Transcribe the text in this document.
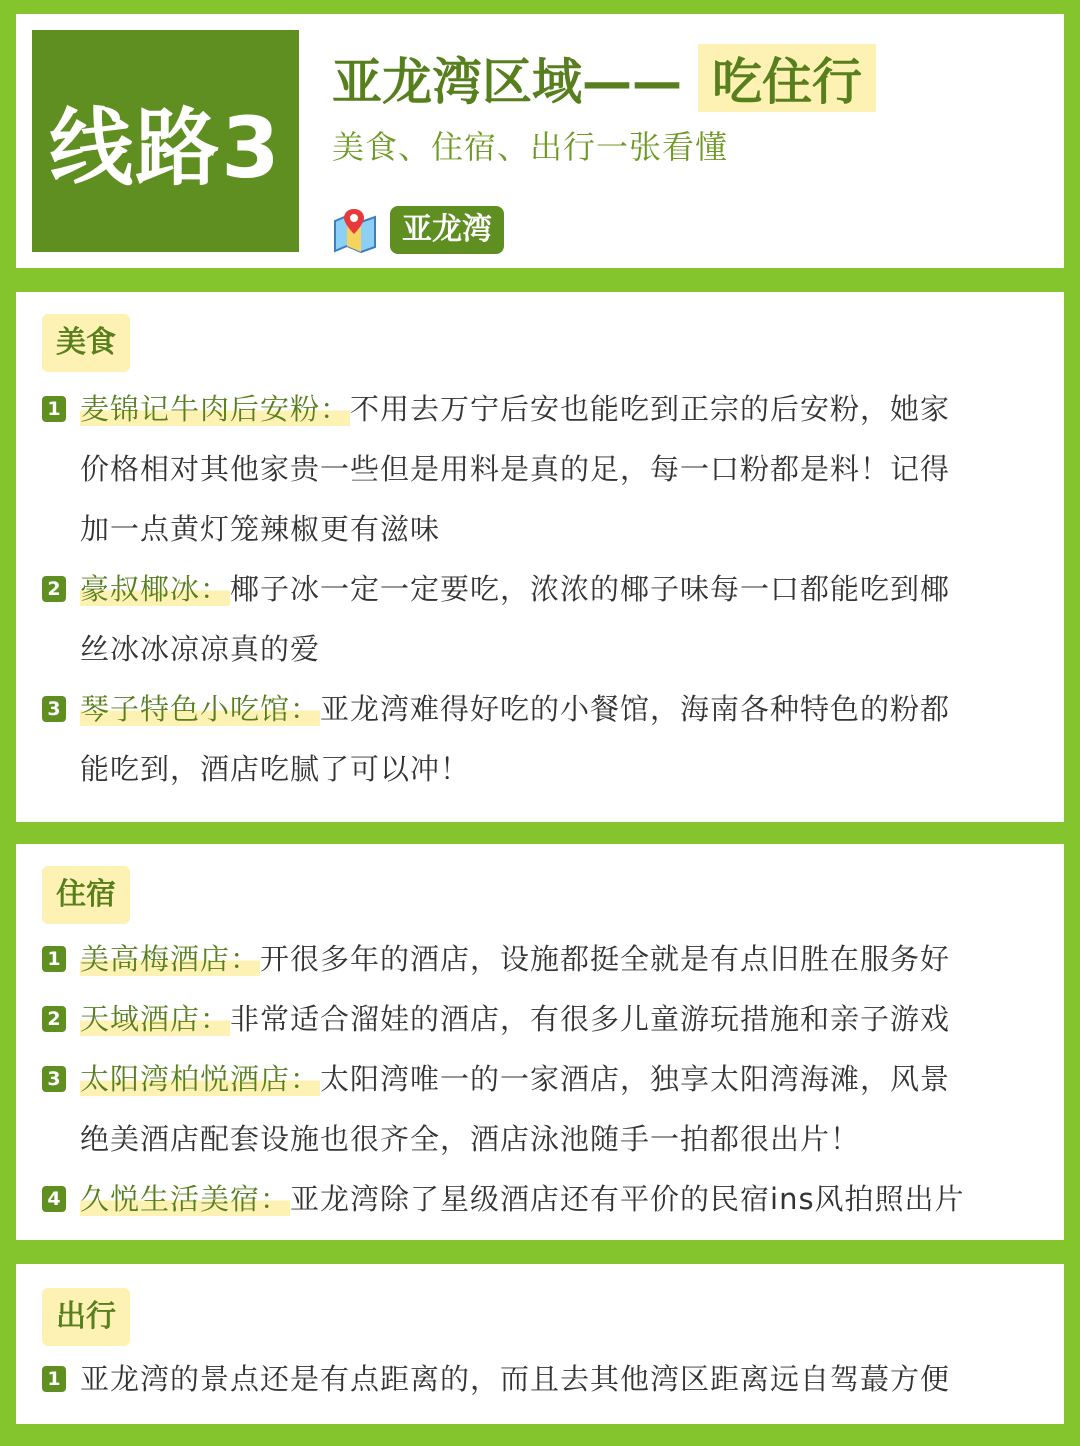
线路3
亚龙湾区域—— 吃住行
美食、住宿、出行一张看懂
亚龙湾
美食
1 麦锦记牛肉后安粉：不用去万宁后安也能吃到正宗的后安粉，她家
价格相对其他家贵一些但是用料是真的足，每一口粉都是料！记得
加一点黄灯笼辣椒更有滋味
2 豪叔椰冰：椰子冰一定一定要吃，浓浓的椰子味每一口都能吃到椰
丝冰冰凉凉真的爱
3 琴子特色小吃馆：亚龙湾难得好吃的小餐馆，海南各种特色的粉都
能吃到，酒店吃腻了可以冲！
住宿
1 美高梅酒店：开很多年的酒店，设施都挺全就是有点旧胜在服务好
2 天域酒店：非常适合溜娃的酒店，有很多儿童游玩措施和亲子游戏
3 太阳湾柏悦酒店：太阳湾唯一的一家酒店，独享太阳湾海滩，风景
绝美酒店配套设施也很齐全，酒店泳池随手一拍都很出片！
4 久悦生活美宿：亚龙湾除了星级酒店还有平价的民宿ins风拍照出片
出行
1 亚龙湾的景点还是有点距离的，而且去其他湾区距离远自驾蕞方便
